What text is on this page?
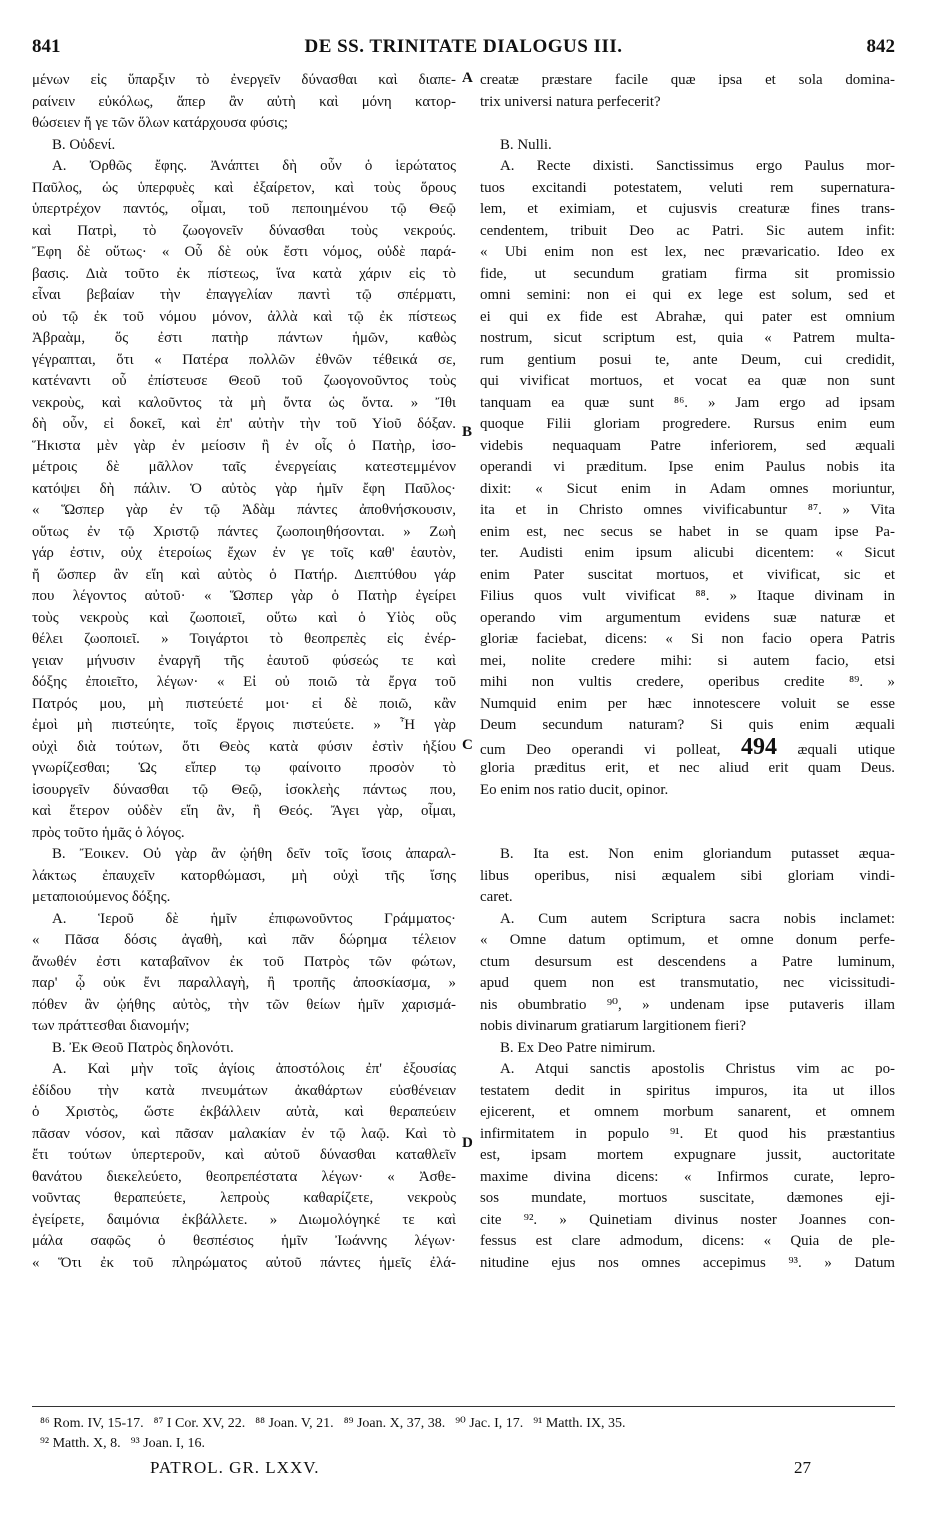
841	DE SS. TRINITATE DIALOGUS III.	842
μένων εἰς ὕπαρξιν τὸ ἐνεργεῖν δύνασθαι καὶ διαπε-
ραίνειν εὐκόλως, ἅπερ ἂν αὐτὴ καὶ μόνη κατορ-
θώσειεν ἤ γε τῶν ὅλων κατάρχουσα φύσις;
Β. Οὐδενί.
Α. Ὀρθῶς ἔφης. Ἀνάπτει δὴ οὖν ὁ ἱερώτατος
Παῦλος, ὡς ὑπερφυὲς καὶ ἐξαίρετον, καὶ τοὺς ὅρους
ὑπερτρέχον παντός, οἶμαι, τοῦ πεποιημένου τῷ Θεῷ
καὶ Πατρὶ, τὸ ζωογονεῖν δύνασθαι τοὺς νεκρούς.
Ἔφη δὲ οὕτως· « Οὗ δὲ οὐκ ἔστι νόμος, οὐδὲ παρά-
βασις. Διὰ τοῦτο ἐκ πίστεως, ἵνα κατὰ χάριν εἰς τὸ
εἶναι βεβαίαν τὴν ἐπαγγελίαν παντὶ τῷ σπέρματι,
οὐ τῷ ἐκ τοῦ νόμου μόνον, ἀλλὰ καὶ τῷ ἐκ πίστεως
Ἀβραὰμ, ὅς ἐστι πατὴρ πάντων ἡμῶν, καθὼς
γέγραπται, ὅτι « Πατέρα πολλῶν ἐθνῶν τέθεικά σε,
κατέναντι οὗ ἐπίστευσε Θεοῦ τοῦ ζωογονοῦντος τοὺς
νεκροὺς, καὶ καλοῦντος τὰ μὴ ὄντα ὡς ὄντα. » Ἴθι
δὴ οὖν, εἰ δοκεῖ, καὶ ἐπ' αὐτὴν τὴν τοῦ Υἱοῦ δόξαν.
Ἥκιστα μὲν γὰρ ἐν μείοσιν ἢ ἐν οἷς ὁ Πατὴρ, ἰσο-
μέτροις δὲ μᾶλλον ταῖς ἐνεργείαις κατεστεμμένον
κατόψει δὴ πάλιν. Ὁ αὐτὸς γὰρ ἡμῖν ἔφη Παῦλος·
« Ὥσπερ γὰρ ἐν τῷ Ἀδὰμ πάντες ἀποθνήσκουσιν,
οὕτως ἐν τῷ Χριστῷ πάντες ζωοποιηθήσονται. » Ζωὴ
γάρ ἐστιν, οὐχ ἑτεροίως ἔχων ἐν γε τοῖς καθ' ἑαυτὸν,
ἤ ὥσπερ ἂν εἴη καὶ αὐτὸς ὁ Πατήρ. Διεπτύθου γάρ
που λέγοντος αὐτοῦ· « Ὥσπερ γὰρ ὁ Πατὴρ ἐγείρει
τοὺς νεκροὺς καὶ ζωοποιεῖ, οὕτω καὶ ὁ Υἱὸς οὓς
θέλει ζωοποιεῖ. » Τοιγάρτοι τὸ θεοπρεπὲς εἰς ἐνέρ-
γειαν μήνυσιν ἐναργῆ τῆς ἑαυτοῦ φύσεώς τε καὶ
δόξης ἐποιεῖτο, λέγων· « Εἰ οὐ ποιῶ τὰ ἔργα τοῦ
Πατρός μου, μὴ πιστεύετέ μοι· εἰ δὲ ποιῶ, κἂν
ἐμοὶ μὴ πιστεύητε, τοῖς ἔργοις πιστεύετε. » Ἦ γὰρ
οὐχὶ διὰ τούτων, ὅτι Θεὸς κατὰ φύσιν ἐστὶν ἠξίου
γνωρίζεσθαι; Ὡς εἴπερ τῳ φαίνοιτο προσὸν τὸ
ἰσουργεῖν δύνασθαι τῷ Θεῷ, ἰσοκλεὴς πάντως που,
καὶ ἕτερον οὐδὲν εἴη ἂν, ἢ Θεός. Ἄγει γὰρ, οἶμαι,
πρὸς τοῦτο ἡμᾶς ὁ λόγος.
Β. Ἔοικεν. Οὐ γὰρ ἂν ᾠήθη δεῖν τοῖς ἴσοις ἀπαραλ-
λάκτως ἐπαυχεῖν κατορθώμασι, μὴ οὐχὶ τῆς ἴσης
μεταποιούμενος δόξης.
Α. Ἱεροῦ δὲ ἡμῖν ἐπιφωνοῦντος Γράμματος·
« Πᾶσα δόσις ἀγαθὴ, καὶ πᾶν δώρημα τέλειον
ἄνωθέν ἐστι καταβαῖνον ἐκ τοῦ Πατρὸς τῶν φώτων,
παρ' ᾧ οὐκ ἔνι παραλλαγὴ, ἢ τροπῆς ἀποσκίασμα, »
πόθεν ἂν ᾠήθης αὐτὸς, τὴν τῶν θείων ἡμῖν χαρισμά-
των πράττεσθαι διανομήν;
Β. Ἐκ Θεοῦ Πατρὸς δηλονότι.
Α. Καὶ μὴν τοῖς ἁγίοις ἀποστόλοις ἐπ' ἐξουσίας
ἐδίδου τὴν κατὰ πνευμάτων ἀκαθάρτων εὐσθένειαν
ὁ Χριστὸς, ὥστε ἐκβάλλειν αὐτὰ, καὶ θεραπεύειν
πᾶσαν νόσον, καὶ πᾶσαν μαλακίαν ἐν τῷ λαῷ. Καὶ τὸ
ἔτι τούτων ὑπερτεροῦν, καὶ αὐτοῦ δύνασθαι καταθλεῖν
θανάτου διεκελεύετο, θεοπρεπέστατα λέγων· « Ἀσθε-
νοῦντας θεραπεύετε, λεπροὺς καθαρίζετε, νεκροὺς
ἐγείρετε, δαιμόνια ἐκβάλλετε. » Διωμολόγηκέ τε καὶ
μάλα σαφῶς ὁ θεσπέσιος ἡμῖν Ἰωάννης λέγων·
« Ὅτι ἐκ τοῦ πληρώματος αὐτοῦ πάντες ἡμεῖς ἐλά-
creatæ præstare facile quæ ipsa et sola domina-
trix universi natura perfecerit?
B. Nulli.
A. Recte dixisti. Sanctissimus ergo Paulus mor-
tuos excitandi potestatem, veluti rem supernatura-
lem, et eximiam, et cujusvis creaturæ fines trans-
cendentem, tribuit Deo ac Patri. Sic autem infit:
« Ubi enim non est lex, nec prævaricatio. Ideo ex
fide, ut secundum gratiam firma sit promissio
omni semini: non ei qui ex lege est solum, sed et
ei qui ex fide est Abrahæ, qui pater est omnium
nostrum, sicut scriptum est, quia « Patrem multa-
rum gentium posui te, ante Deum, cui credidit,
qui vivificat mortuos, et vocat ea quæ non sunt
tanquam ea quæ sunt ⁸⁶. » Jam ergo ad ipsam
quoque Filii gloriam progredere. Rursus enim eum
videbis nequaquam Patre inferiorem, sed æquali
operandi vi præditum. Ipse enim Paulus nobis ita
dixit: « Sicut enim in Adam omnes moriuntur,
ita et in Christo omnes vivificabuntur ⁸⁷. » Vita
enim est, nec secus se habet in se quam ipse Pa-
ter. Audisti enim ipsum alicubi dicentem: « Sicut
enim Pater suscitat mortuos, et vivificat, sic et
Filius quos vult vivificat ⁸⁸. » Itaque divinam in
operando vim argumentum evidens suæ naturæ et
gloriæ faciebat, dicens: « Si non facio opera Patris
mei, nolite credere mihi: si autem facio, etsi
mihi non vultis credere, operibus credite ⁸⁹. »
Numquid enim per hæc innotescere voluit se esse
Deum secundum naturam? Si quis enim æquali
cum Deo operandi vi polleat, 494 æquali utique
gloria præditus erit, et nec aliud erit quam Deus.
Eo enim nos ratio ducit, opinor.
B. Ita est. Non enim gloriandum putasset æqua-
libus operibus, nisi æqualem sibi gloriam vindi-
caret.
A. Cum autem Scriptura sacra nobis inclamet:
« Omne datum optimum, et omne donum perfe-
ctum desursum est descendens a Patre luminum,
apud quem non est transmutatio, nec vicissitudi-
nis obumbratio ⁹⁰, » undenam ipse putaveris illam
nobis divinarum gratiarum largitionem fieri?
B. Ex Deo Patre nimirum.
A. Atqui sanctis apostolis Christus vim ac po-
testatem dedit in spiritus impuros, ita ut illos
ejicerent, et omnem morbum sanarent, et omnem
infirmitatem in populo ⁹¹. Et quod his præstantius
est, ipsam mortem expugnare jussit, auctoritate
maxime divina dicens: « Infirmos curate, lepro-
sos mundate, mortuos suscitate, dæmones eji-
cite ⁹². » Quinetiam divinus noster Joannes con-
fessus est clare admodum, dicens: « Quia de ple-
nitudine ejus nos omnes accepimus ⁹³. » Datum
A
B
C
D
⁸⁶ Rom. IV, 15-17. ⁸⁷ I Cor. XV, 22. ⁸⁸ Joan. V, 21. ⁸⁹ Joan. X, 37, 38. ⁹⁰ Jac. I, 17. ⁹¹ Matth. IX, 35.
⁹² Matth. X, 8. ⁹³ Joan. I, 16.
PATROL. GR. LXXV.	27
